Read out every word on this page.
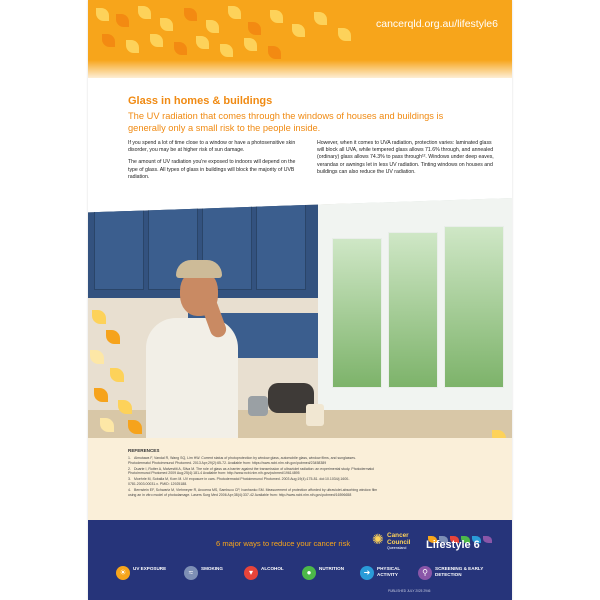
cancerqld.org.au/lifestyle6
Glass in homes & buildings
The UV radiation that comes through the windows of houses and buildings is generally only a small risk to the people inside.

If you spend a lot of time close to a window or have a photosensitive skin disorder, you may be at higher risk of sun damage.

The amount of UV radiation you're exposed to indoors will depend on the type of glass. All types of glass in buildings will block the majority of UVB radiation.

However, when it comes to UVA radiation, protection varies: laminated glass will block all UVA, while tempered glass allows 71.6% through, and annealed (ordinary) glass allows 74.3% to pass through¹². Windows under deep eaves, verandas or awnings let in less UV radiation. Tinting windows on houses and buildings can also reduce the UV radiation.

REFERENCES
1. Almutawa F, Vandal R, Wang SQ, Lim HW. Current status of photoprotection by window glass, automobile glass, window films, and sunglasses. Photodermatol Photoimmunol Photomed. 2013 Apr;29(2):65-72. Available from: https://www.ncbi.nlm.nih.gov/pubmed/23458389
2. Duarte I, Rotter A, Malvestiti A, Silva M. The role of glass as a barrier against the transmission of ultraviolet radiation: an experimental study. Photodermatol Photoimmunol Photomed 2009 Aug;25(4):181-4 Available from: http://www.ncbi.nlm.nih.gov/pubmed/19614895
3. Moehrle M, Soballa M, Korn M. UV exposure in cars. Photodermatol Photoimmunol Photomed. 2003 Aug;19(4):175-81. doi:10.1034/j.1600-0781.2003.00031.x. PMID: 12925188.
4. Bernstein EF, Schwartz M, Viehmeyer R, Arocena MS, Sambuco CP, Ivanhanko SM. Measurement of protection afforded by ultraviolet-absorbing window film using an in vitro model of photodamage. Lasers Surg Med 2006 Apr;38(4):337-42 Available from: http://www.ncbi.nlm.nih.gov/pubmed/16596658
6 major ways to reduce your cancer risk ✺ Cancer
Council
Queensland Lifestyle 6
☀	UV EXPOSURE	≈	SMOKING	▾	ALCOHOL	●	NUTRITION	➜	PHYSICAL ACTIVITY	⚲	SCREENING & EARLY DETECTION
PUBLISHED JULY 2025 2946
